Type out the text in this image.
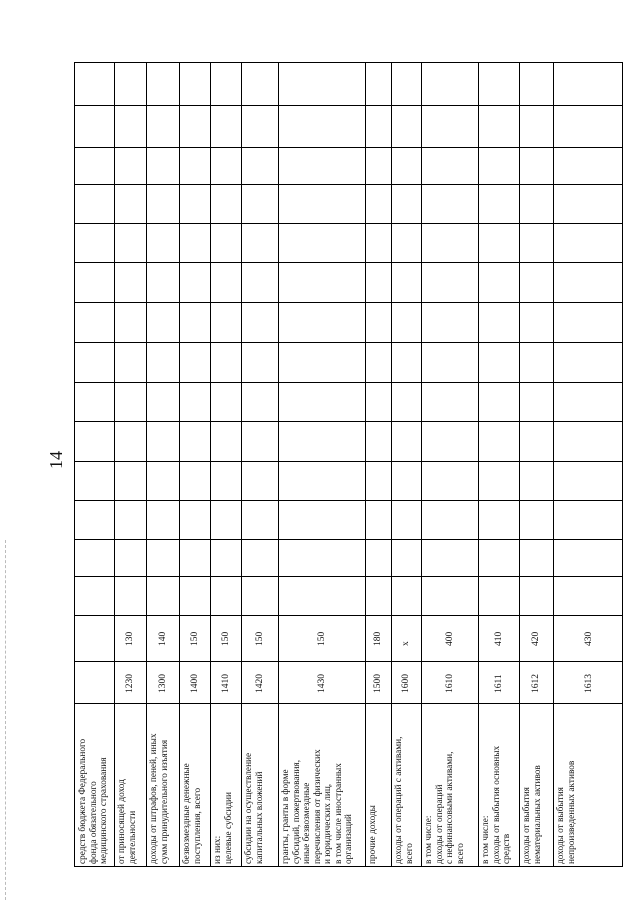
14
средств бюджета Федерального
фонда обязательного
медицинского страхования
от приносящей доход
деятельности
1230
130
доходы от штрафов, пеней, иных
сумм принудительного изъятия
1300
140
безвозмездные денежные
поступления, всего
1400
150
из них:
целевые субсидии
1410
150
субсидии на осуществление
капитальных вложений
1420
150
гранты, гранты в форме
субсидий, пожертвования,
иные безвозмездные
перечисления от физических
и юридических лиц,
в том числе иностранных
организаций
1430
150
прочие доходы
1500
180
доходы от операций с активами,
всего
1600
x
в том числе:
доходы от операций
с нефинансовыми активами,
всего
1610
400
в том числе:
доходы от выбытия основных
средств
1611
410
доходы от выбытия
нематериальных активов
1612
420
доходы от выбытия
непроизведенных активов
1613
430
